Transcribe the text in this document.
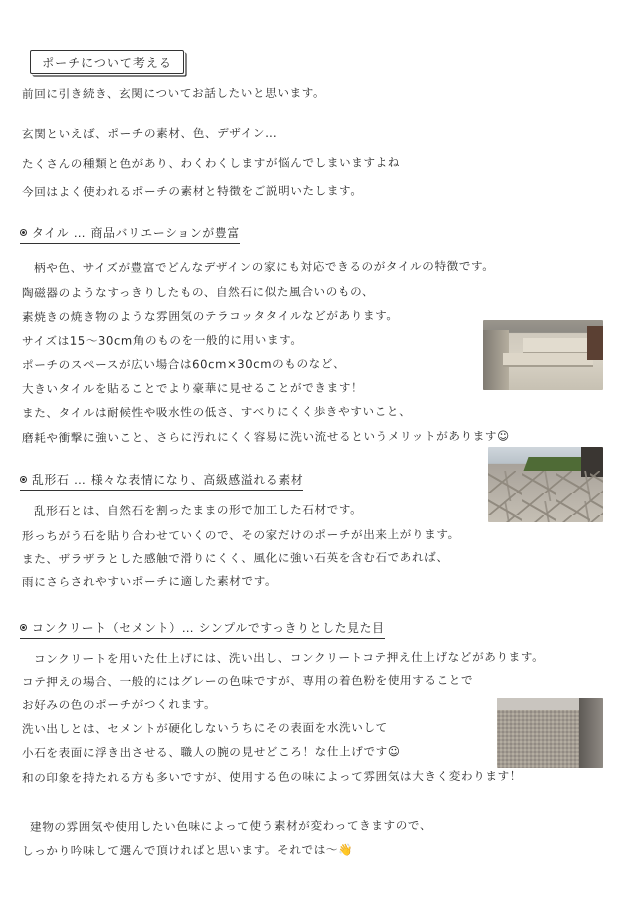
ポーチについて考える
前回に引き続き、玄関についてお話したいと思います。
玄関といえば、ポーチの素材、色、デザイン…
たくさんの種類と色があり、わくわくしますが悩んでしまいますよね
今回はよく使われるポーチの素材と特徴をご説明いたします。
タイル … 商品バリエーションが豊富
柄や色、サイズが豊富でどんなデザインの家にも対応できるのがタイルの特徴です。
陶磁器のようなすっきりしたもの、自然石に似た風合いのもの、
素焼きの焼き物のような雰囲気のテラコッタタイルなどがあります。
サイズは15～30cm角のものを一般的に用います。
ポーチのスペースが広い場合は60cm×30cmのものなど、
大きいタイルを貼ることでより豪華に見せることができます！
また、タイルは耐候性や吸水性の低さ、すべりにくく歩きやすいこと、
磨耗や衝撃に強いこと、さらに汚れにくく容易に洗い流せるというメリットがあります☺
乱形石 … 様々な表情になり、高級感溢れる素材
乱形石とは、自然石を割ったままの形で加工した石材です。
形っちがう石を貼り合わせていくので、その家だけのポーチが出来上がります。
また、ザラザラとした感触で滑りにくく、風化に強い石英を含む石であれば、
雨にさらされやすいポーチに適した素材です。
コンクリート（セメント）… シンプルですっきりとした見た目
コンクリートを用いた仕上げには、洗い出し、コンクリートコテ押え仕上げなどがあります。
コテ押えの場合、一般的にはグレーの色味ですが、専用の着色粉を使用することで
お好みの色のポーチがつくれます。
洗い出しとは、セメントが硬化しないうちにその表面を水洗いして
小石を表面に浮き出させる、職人の腕の見せどころ！な仕上げです☺
和の印象を持たれる方も多いですが、使用する色の味によって雰囲気は大きく変わります！
建物の雰囲気や使用したい色味によって使う素材が変わってきますので、
しっかり吟味して選んで頂ければと思います。それでは～👋
